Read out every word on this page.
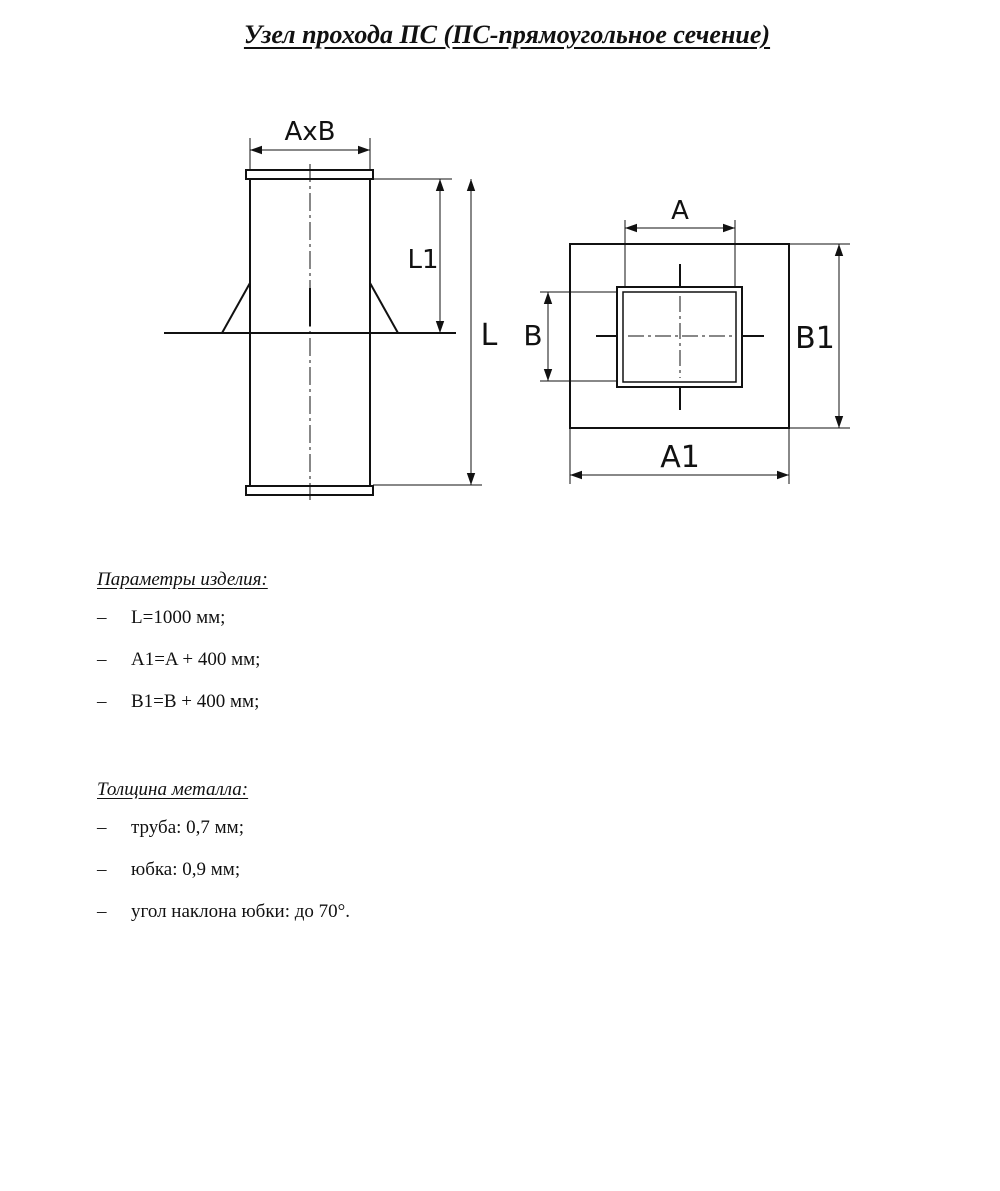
Узел прохода ПС (ПС-прямоугольное сечение)
AxB
L1
L
A
B	B1
A1
Параметры изделия:
– L=1000 мм;
– A1=A + 400 мм;
– B1=B + 400 мм;
Толщина металла:
– труба: 0,7 мм;
– юбка: 0,9 мм;
– угол наклона юбки: до 70°.
